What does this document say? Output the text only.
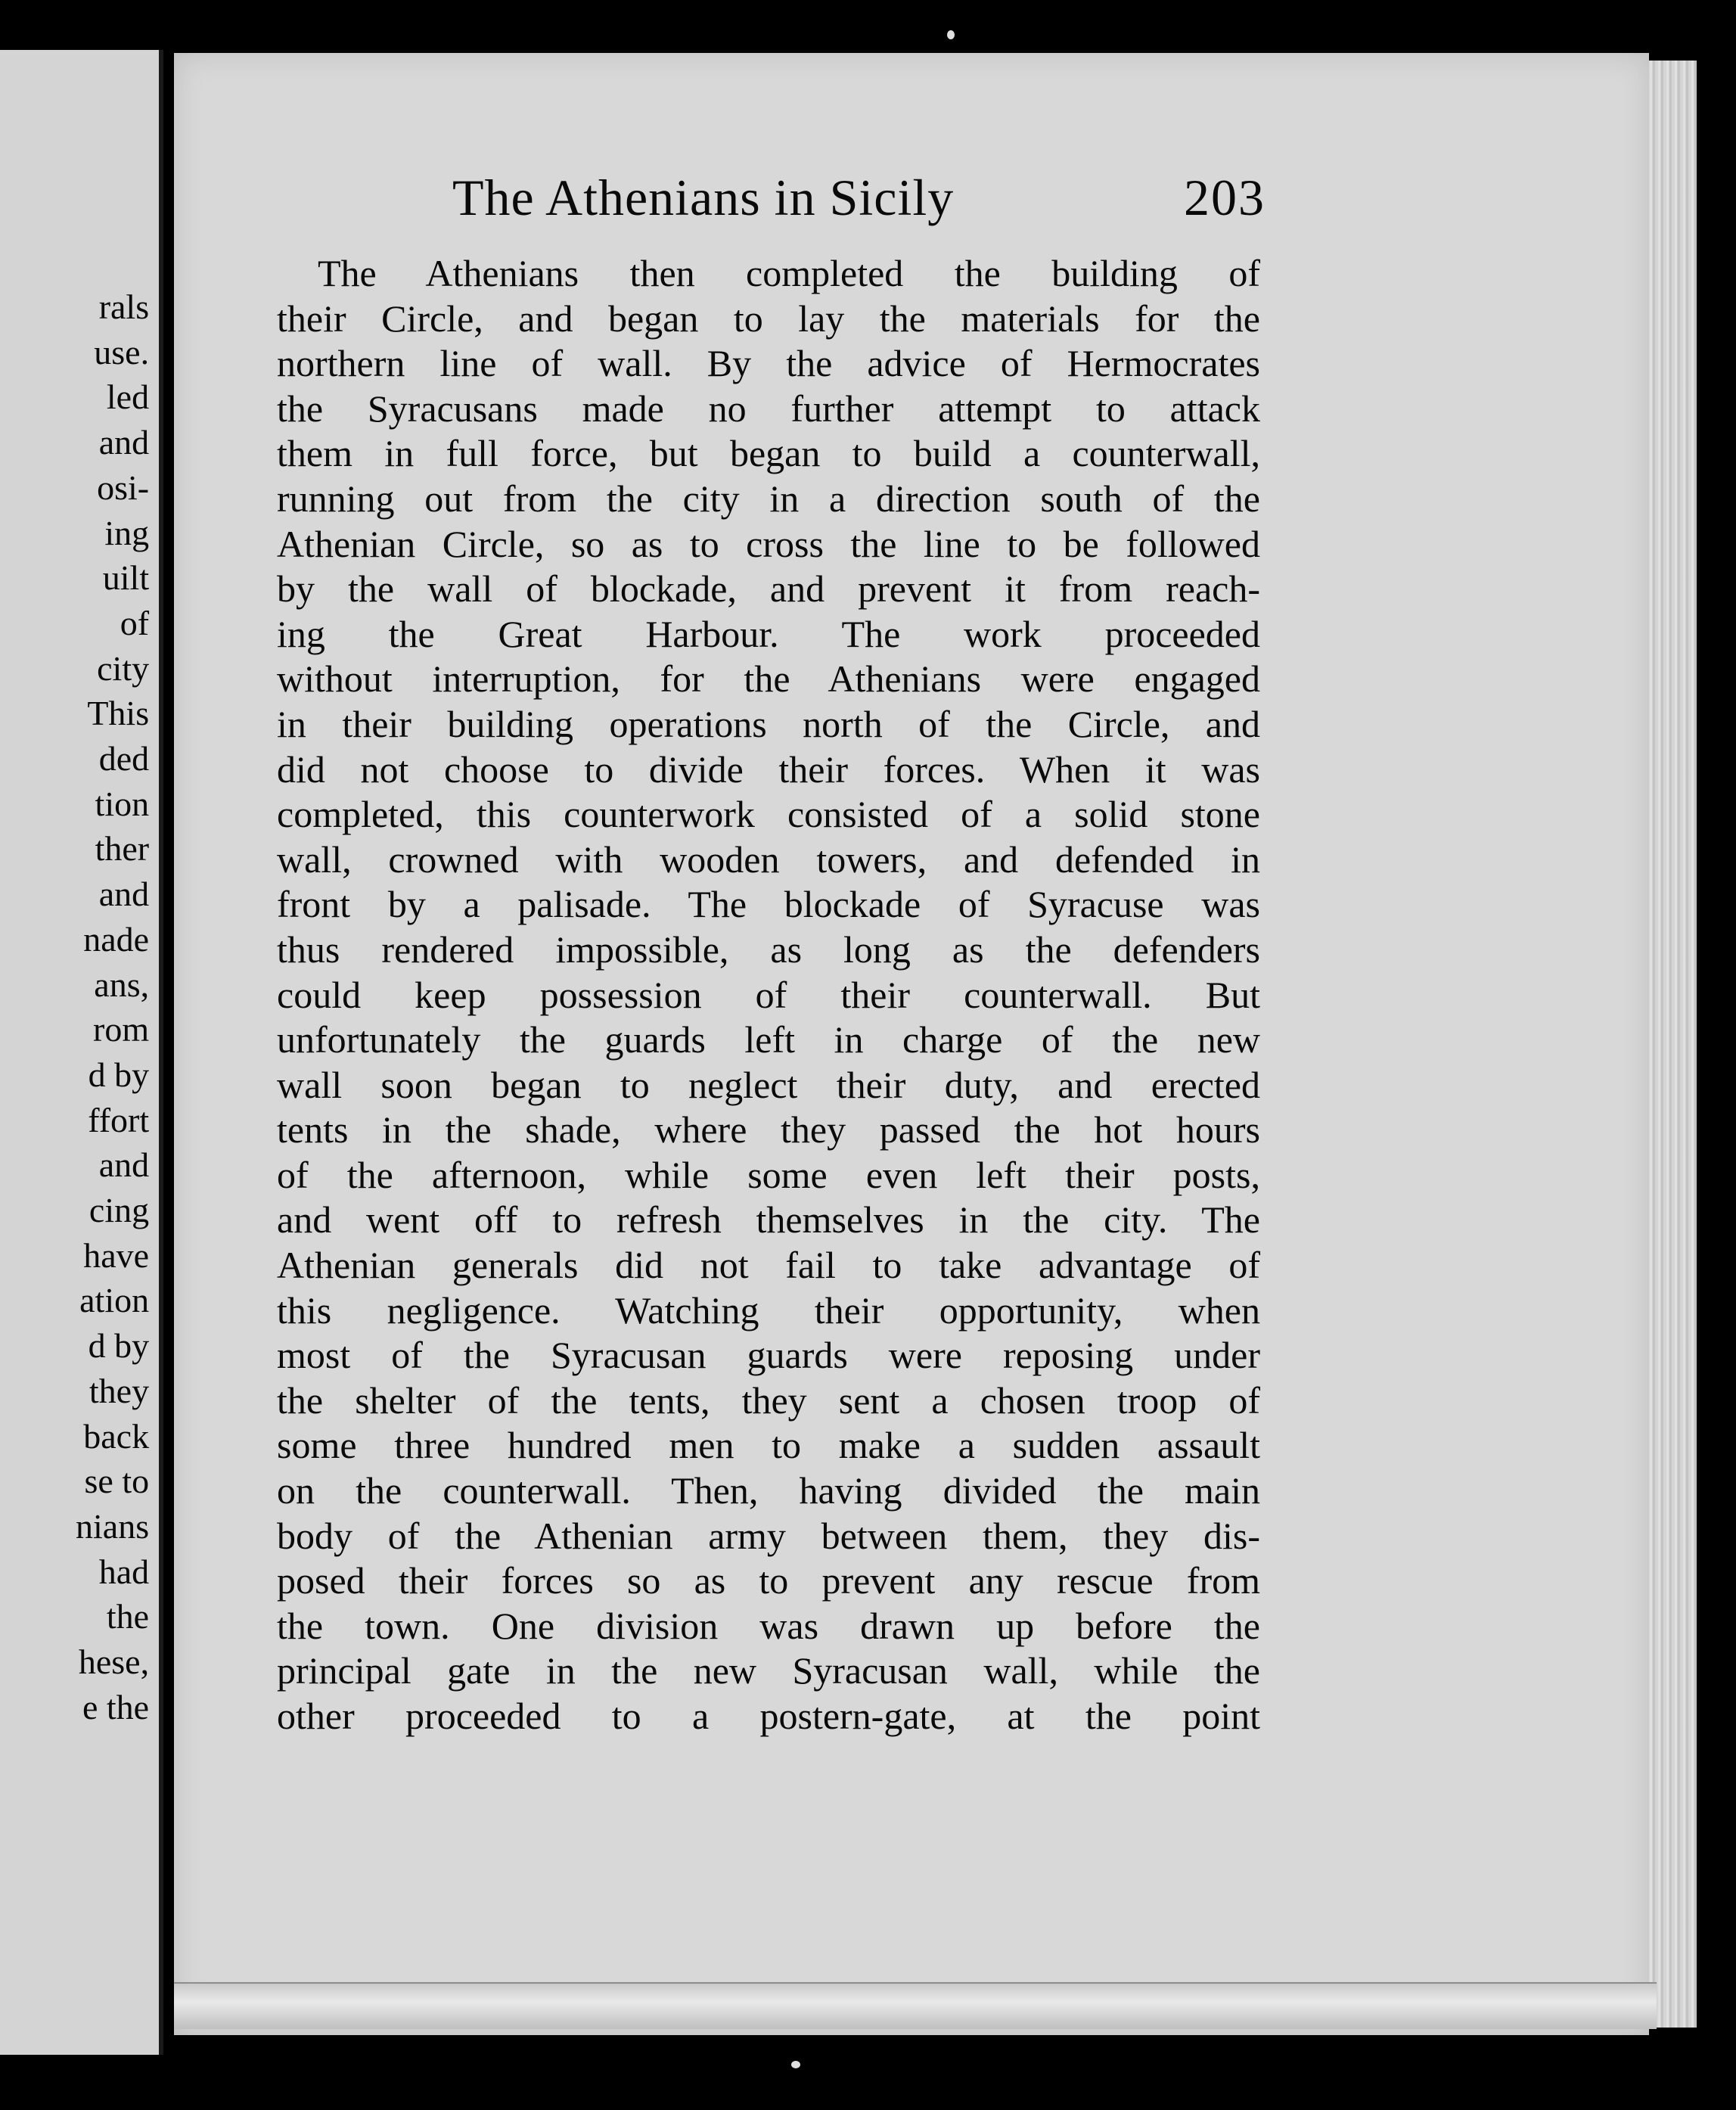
rals
use.
led
and
osi-
ing
uilt
of
city
This
ded
tion
ther
and
nade
ans,
rom
d by
ffort
and
cing
have
ation
d by
they
back
se to
nians
had
the
hese,
e the
The Athenians in Sicily	203
The Athenians then completed the building of
their Circle, and began to lay the materials for the
northern line of wall. By the advice of Hermocrates
the Syracusans made no further attempt to attack
them in full force, but began to build a counterwall,
running out from the city in a direction south of the
Athenian Circle, so as to cross the line to be followed
by the wall of blockade, and prevent it from reach-
ing the Great Harbour. The work proceeded
without interruption, for the Athenians were engaged
in their building operations north of the Circle, and
did not choose to divide their forces. When it was
completed, this counterwork consisted of a solid stone
wall, crowned with wooden towers, and defended in
front by a palisade. The blockade of Syracuse was
thus rendered impossible, as long as the defenders
could keep possession of their counterwall. But
unfortunately the guards left in charge of the new
wall soon began to neglect their duty, and erected
tents in the shade, where they passed the hot hours
of the afternoon, while some even left their posts,
and went off to refresh themselves in the city. The
Athenian generals did not fail to take advantage of
this negligence. Watching their opportunity, when
most of the Syracusan guards were reposing under
the shelter of the tents, they sent a chosen troop of
some three hundred men to make a sudden assault
on the counterwall. Then, having divided the main
body of the Athenian army between them, they dis-
posed their forces so as to prevent any rescue from
the town. One division was drawn up before the
principal gate in the new Syracusan wall, while the
other proceeded to a postern-gate, at the point
